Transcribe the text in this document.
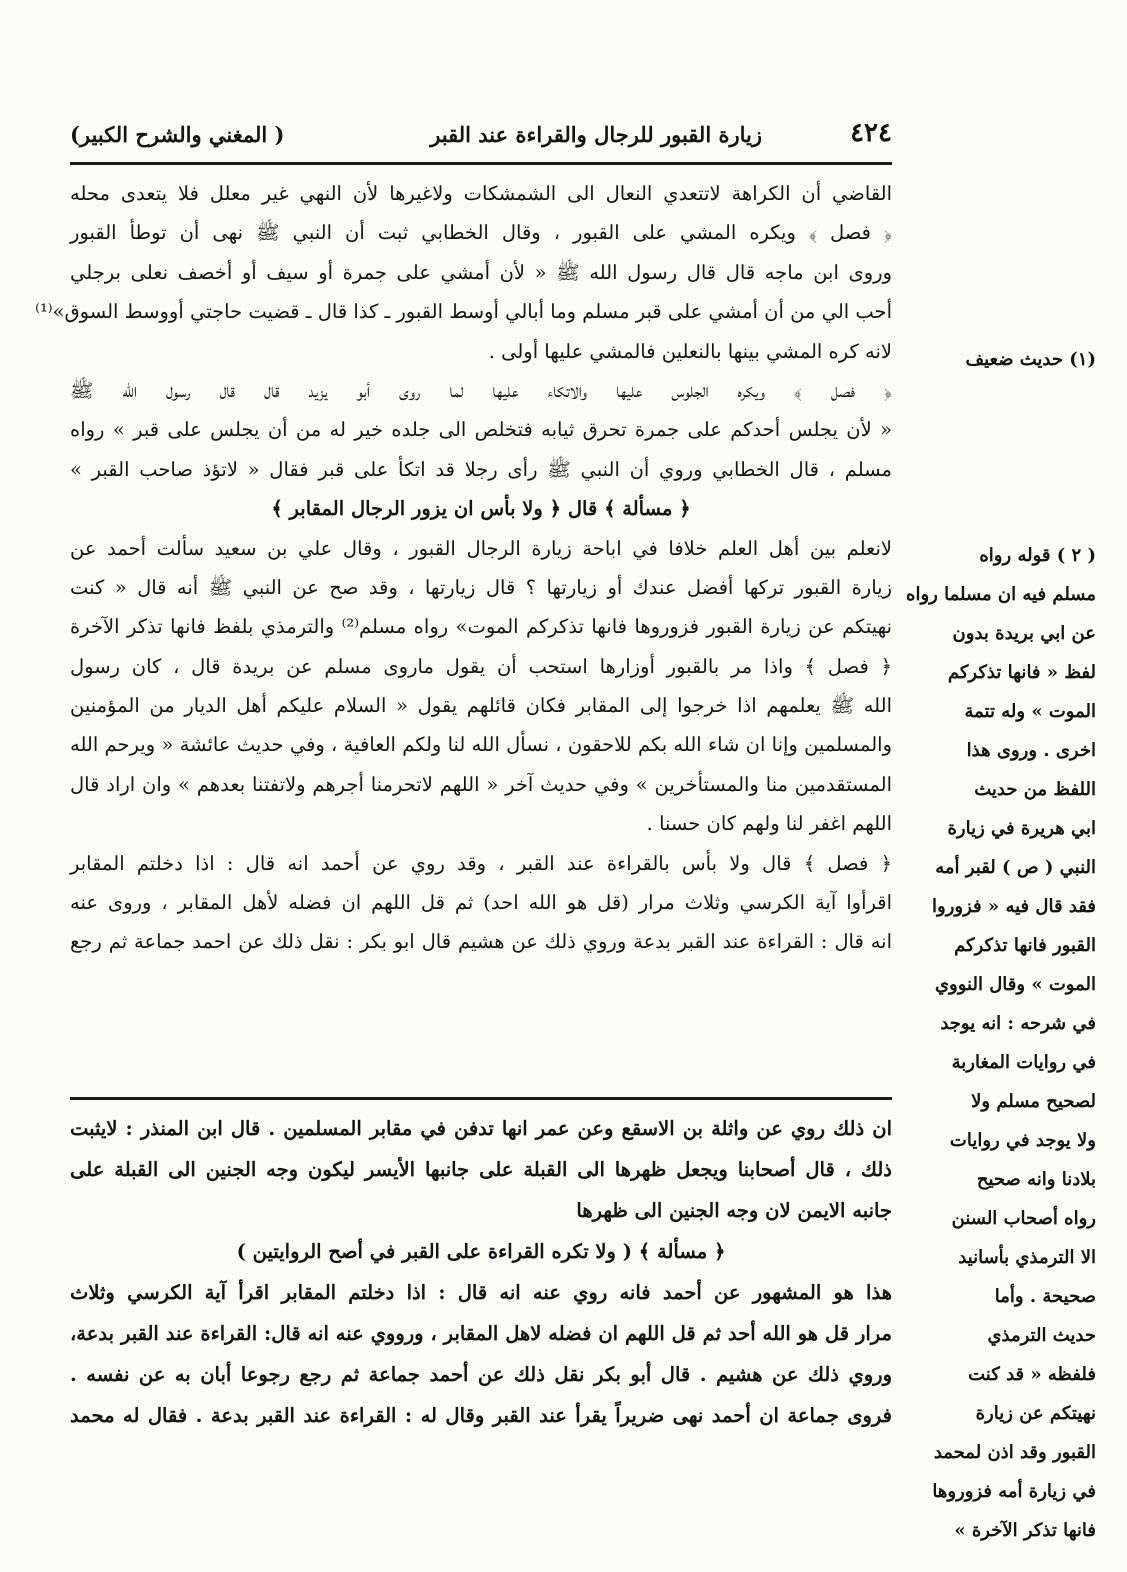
٤٢٤
زيارة القبور للرجال والقراءة عند القبر
( المغني والشرح الكبير)
القاضي أن الكراهة لاتتعدي النعال الى الشمشكات ولاغيرها لأن النهي غير معلل فلا يتعدى محله
﴿ فصل ﴾ ويكره المشي على القبور ، وقال الخطابي ثبت أن النبي ﷺ نهى أن توطأ القبور
وروى ابن ماجه قال قال رسول الله ﷺ « لأن أمشي على جمرة أو سيف أو أخصف نعلى برجلي
أحب الي من أن أمشي على قبر مسلم وما أبالي أوسط القبور ـ كذا قال ـ قضيت حاجتي أووسط السوق»⁽¹⁾
لانه كره المشي بينها بالنعلين فالمشي عليها أولى .
﴿ فصل ﴾ ويكره الجلوس عليها والاتكاء عليها لما روى أبو يزيد قال قال رسول الله ﷺ
« لأن يجلس أحدكم على جمرة تحرق ثيابه فتخلص الى جلده خير له من أن يجلس على قبر » رواه
مسلم ، قال الخطابي وروي أن النبي ﷺ رأى رجلا قد اتكأ على قبر فقال « لاتؤذ صاحب القبر »
﴿ مسألة ﴾ قال ﴿ ولا بأس ان يزور الرجال المقابر ﴾
لانعلم بين أهل العلم خلافا في اباحة زيارة الرجال القبور ، وقال علي بن سعيد سألت أحمد عن
زيارة القبور تركها أفضل عندك أو زيارتها ؟ قال زيارتها ، وقد صح عن النبي ﷺ أنه قال « كنت
نهيتكم عن زيارة القبور فزوروها فانها تذكركم الموت» رواه مسلم⁽²⁾ والترمذي بلفظ فانها تذكر الآخرة
﴿ فصل ﴾ واذا مر بالقبور أوزارها استحب أن يقول ماروى مسلم عن بريدة قال ، كان رسول
الله ﷺ يعلمهم اذا خرجوا إلى المقابر فكان قائلهم يقول « السلام عليكم أهل الديار من المؤمنين
والمسلمين وإنا ان شاء الله بكم للاحقون ، نسأل الله لنا ولكم العافية ، وفي حديث عائشة « ويرحم الله
المستقدمين منا والمستأخرين » وفي حديث آخر « اللهم لاتحرمنا أجرهم ولاتفتنا بعدهم » وان اراد قال
اللهم اغفر لنا ولهم كان حسنا .
﴿ فصل ﴾ قال ولا بأس بالقراءة عند القبر ، وقد روي عن أحمد انه قال : اذا دخلتم المقابر
اقرأوا آية الكرسي وثلاث مرار (قل هو الله احد) ثم قل اللهم ان فضله لأهل المقابر ، وروى عنه
انه قال : القراءة عند القبر بدعة وروي ذلك عن هشيم قال ابو بكر : نقل ذلك عن احمد جماعة ثم رجع
ان ذلك روي عن واثلة بن الاسقع وعن عمر انها تدفن في مقابر المسلمين . قال ابن المنذر : لايثبت
ذلك ، قال أصحابنا ويجعل ظهرها الى القبلة على جانبها الأيسر ليكون وجه الجنين الى القبلة على
جانبه الايمن لان وجه الجنين الى ظهرها
﴿ مسألة ﴾ ( ولا تكره القراءة على القبر في أصح الروايتين )
هذا هو المشهور عن أحمد فانه روي عنه انه قال : اذا دخلتم المقابر اقرأ آية الكرسي وثلاث
مرار قل هو الله أحد ثم قل اللهم ان فضله لاهل المقابر ، ورووي عنه انه قال: القراءة عند القبر بدعة،
وروي ذلك عن هشيم . قال أبو بكر نقل ذلك عن أحمد جماعة ثم رجع رجوعا أبان به عن نفسه .
فروى جماعة ان أحمد نهى ضريراً يقرأ عند القبر وقال له : القراءة عند القبر بدعة . فقال له محمد
(١) حديث ضعيف
( ٢ ) قوله رواه
مسلم فيه ان مسلما رواه
عن ابي بريدة بدون
لفظ « فانها تذكركم
الموت » وله تتمة
اخرى . وروى هذا
اللفظ من حديث
ابي هريرة في زيارة
النبي ( ص ) لقبر أمه
فقد قال فيه « فزوروا
القبور فانها تذكركم
الموت » وقال النووي
في شرحه : انه يوجد
في روايات المغاربة
لصحيح مسلم ولا
ولا يوجد في روايات
بلادنا وانه صحيح
رواه أصحاب السنن
الا الترمذي بأسانيد
صحيحة . وأما
حديث الترمذي
فلفظه « قد كنت
نهيتكم عن زيارة
القبور وقد اذن لمحمد
في زيارة أمه فزوروها
فانها تذكر الآخرة »
